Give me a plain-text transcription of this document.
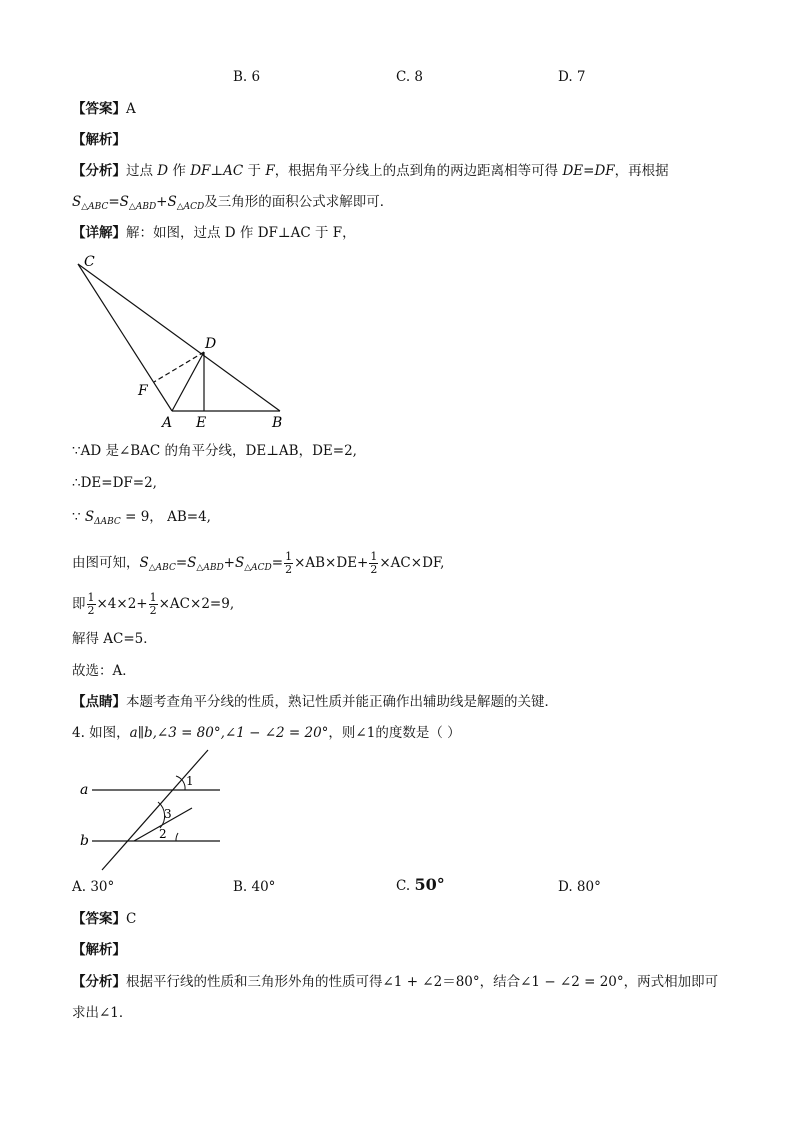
B. 6	C. 8	D. 7
【答案】A
【解析】
【分析】过点 D 作 DF⊥AC 于 F，根据角平分线上的点到角的两边距离相等可得 DE=DF，再根据
$S_{\triangle ABC}=S_{\triangle ABD}+S_{\triangle ACD}$及三角形的面积公式求解即可．
【详解】解：如图，过点 D 作 DF⊥AC 于 F，
C
D
F
A E	B
∵AD 是∠BAC 的角平分线，DE⊥AB，DE=2,
∴DE=DF=2,
∵ $S_{\Delta ABC} = 9$， AB=4,
由图可知，$S_{\triangle ABC}=S_{\triangle ABD}+S_{\triangle ACD}= \frac{1}{2} \times AB\times DE+ \frac{1}{2} \times AC\times DF$,
即 $\frac{1}{2} \times 4\times 2+ \frac{1}{2} \times AC\times 2=9$,
解得 AC=5．
故选：A．
【点睛】本题考查角平分线的性质，熟记性质并能正确作出辅助线是解题的关键．
4. 如图，a∥b,∠3 = 80°,∠1 − ∠2 = 20°，则∠1的度数是（ ）
a
b
1
3
2
A. 30°	B. 40°	C. 50°	D. 80°
【答案】C
【解析】
【分析】根据平行线的性质和三角形外角的性质可得∠1 + ∠2＝80°，结合∠1 − ∠2 = 20°，两式相加即可
求出∠1．
